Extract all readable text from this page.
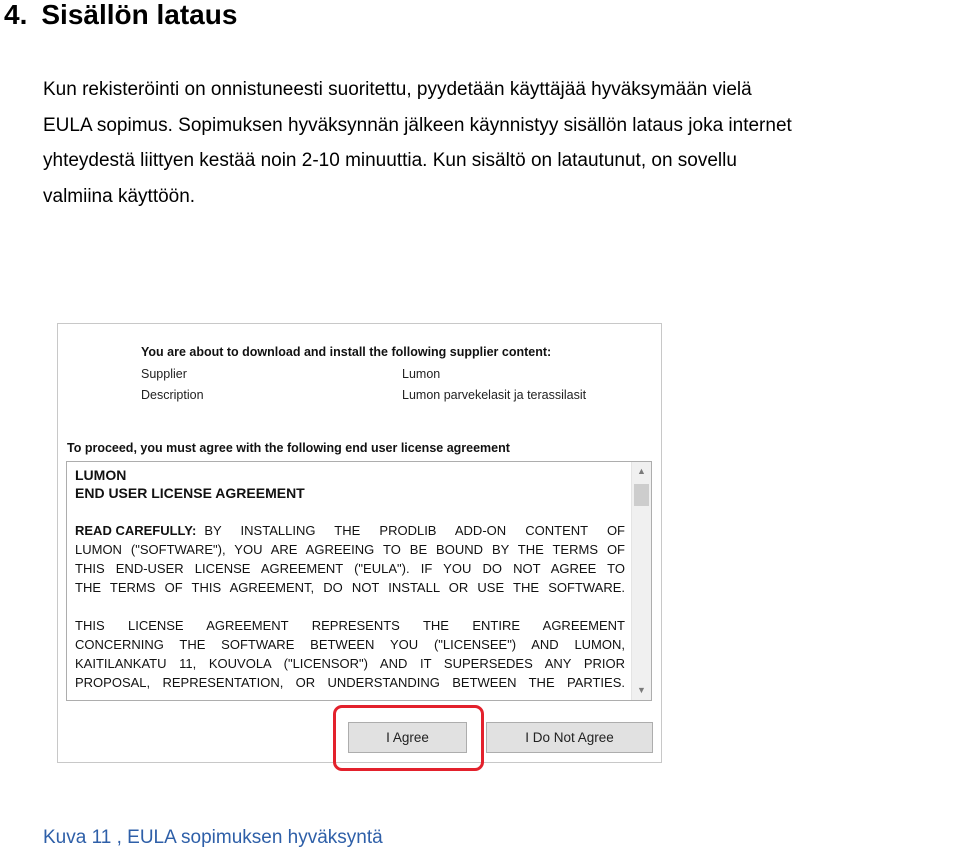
4. Sisällön lataus
Kun rekisteröinti on onnistuneesti suoritettu, pyydetään käyttäjää hyväksymään vielä
EULA sopimus. Sopimuksen hyväksynnän jälkeen käynnistyy sisällön lataus joka internet
yhteydestä liittyen kestää noin 2-10 minuuttia. Kun sisältö on latautunut, on sovellu
valmiina käyttöön.
You are about to download and install the following supplier content:
Supplier	Lumon
Description	Lumon parvekelasit ja terassilasit
To proceed, you must agree with the following end user license agreement
LUMON
END USER LICENSE AGREEMENT
READ CAREFULLY: BY INSTALLING THE PRODLIB ADD-ON CONTENT OF
LUMON ("SOFTWARE"), YOU ARE AGREEING TO BE BOUND BY THE TERMS OF
THIS END-USER LICENSE AGREEMENT ("EULA"). IF YOU DO NOT AGREE TO
THE TERMS OF THIS AGREEMENT, DO NOT INSTALL OR USE THE SOFTWARE.
THIS LICENSE AGREEMENT REPRESENTS THE ENTIRE AGREEMENT
CONCERNING THE SOFTWARE BETWEEN YOU ("LICENSEE") AND LUMON,
KAITILANKATU 11, KOUVOLA ("LICENSOR") AND IT SUPERSEDES ANY PRIOR
PROPOSAL, REPRESENTATION, OR UNDERSTANDING BETWEEN THE PARTIES.
▲
▼
I Agree	I Do Not Agree
Kuva 11 , EULA sopimuksen hyväksyntä
